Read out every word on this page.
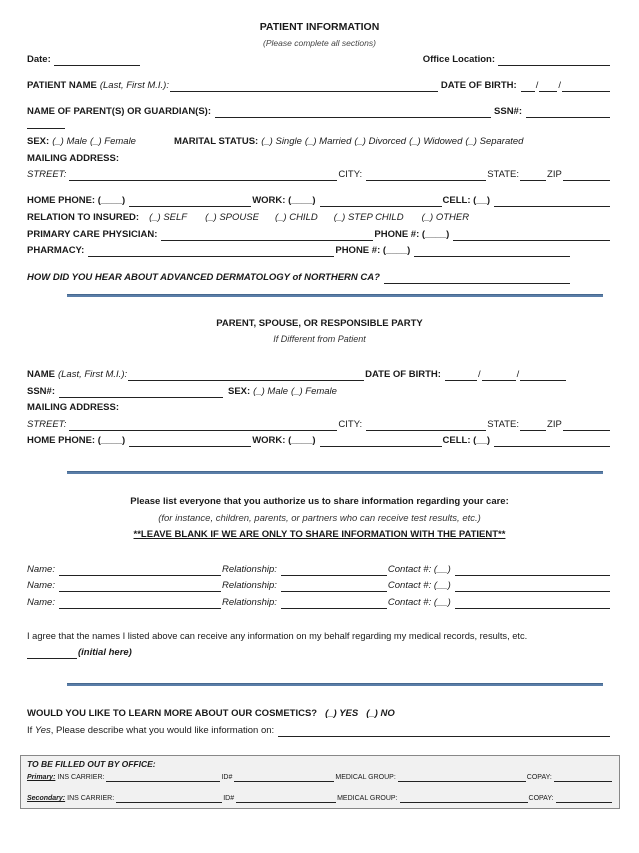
PATIENT INFORMATION
(Please complete all sections)
Date:	Office Location:
PATIENT NAME (Last, First M.I.):	DATE OF BIRTH: / /
NAME OF PARENT(S) OR GUARDIAN(S):	SSN#:
SEX: (_) Male (_) Female	MARITAL STATUS: (_) Single (_) Married (_) Divorced (_) Widowed (_) Separated
MAILING ADDRESS:
STREET:	CITY:	STATE:	ZIP
HOME PHONE: (____)	WORK: (____)	CELL: (__)
RELATION TO INSURED: (_) SELF (_) SPOUSE (_) CHILD (_) STEP CHILD (_) OTHER
PRIMARY CARE PHYSICIAN:	PHONE #: (____)
PHARMACY:	PHONE #: (____)
HOW DID YOU HEAR ABOUT ADVANCED DERMATOLOGY of NORTHERN CA?
PARENT, SPOUSE, OR RESPONSIBLE PARTY
If Different from Patient
NAME (Last, First M.I.):	DATE OF BIRTH:	/	/
SSN#:	SEX: (_) Male (_) Female
MAILING ADDRESS:
STREET:	CITY:	STATE:	ZIP
HOME PHONE: (____)	WORK: (____)	CELL: (__)
Please list everyone that you authorize us to share information regarding your care:
(for instance, children, parents, or partners who can receive test results, etc.)
**LEAVE BLANK IF WE ARE ONLY TO SHARE INFORMATION WITH THE PATIENT**
Name:	Relationship:	Contact #: (__)
Name:	Relationship:	Contact #: (__)
Name:	Relationship:	Contact #: (__)
I agree that the names I listed above can receive any information on my behalf regarding my medical records, results, etc.
(initial here)
WOULD YOU LIKE TO LEARN MORE ABOUT OUR COSMETICS? (_) YES (_) NO
If Yes , Please describe what you would like information on:
TO BE FILLED OUT BY OFFICE:
Primary: INS CARRIER:	ID#	MEDICAL GROUP:	COPAY:
Secondary: INS CARRIER:	ID#	MEDICAL GROUP:	COPAY:
